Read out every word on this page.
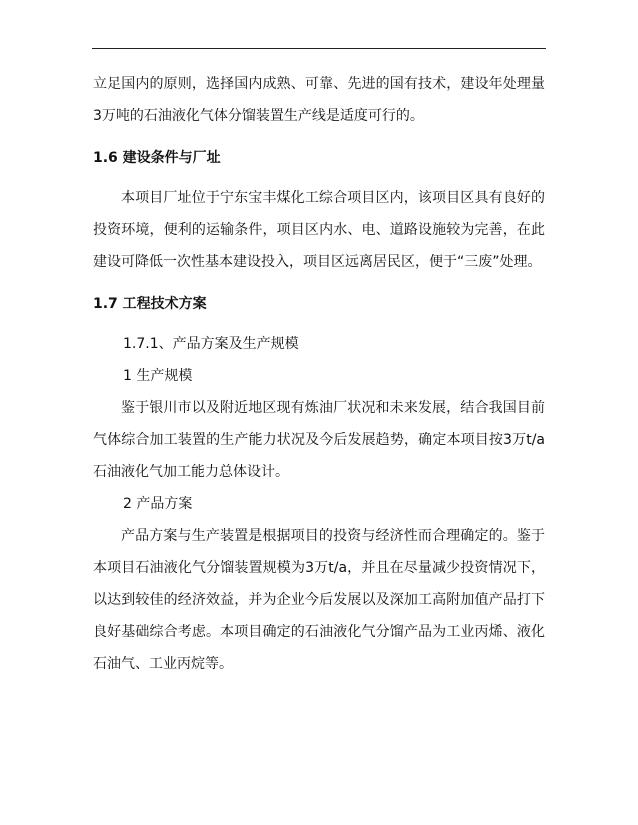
立足国内的原则，选择国内成熟、可靠、先进的国有技术，建设年处理量3万吨的石油液化气体分馏装置生产线是适度可行的。

1.6 建设条件与厂址

本项目厂址位于宁东宝丰煤化工综合项目区内，该项目区具有良好的投资环境，便利的运输条件，项目区内水、电、道路设施较为完善，在此建设可降低一次性基本建设投入，项目区远离居民区，便于“三废”处理。

1.7 工程技术方案
1.7.1、产品方案及生产规模
1 生产规模

鉴于银川市以及附近地区现有炼油厂状况和未来发展，结合我国目前气体综合加工装置的生产能力状况及今后发展趋势，确定本项目按3万t/a石油液化气加工能力总体设计。

2 产品方案

产品方案与生产装置是根据项目的投资与经济性而合理确定的。鉴于本项目石油液化气分馏装置规模为3万t/a，并且在尽量减少投资情况下，以达到较佳的经济效益，并为企业今后发展以及深加工高附加值产品打下良好基础综合考虑。本项目确定的石油液化气分馏产品为工业丙烯、液化石油气、工业丙烷等。
